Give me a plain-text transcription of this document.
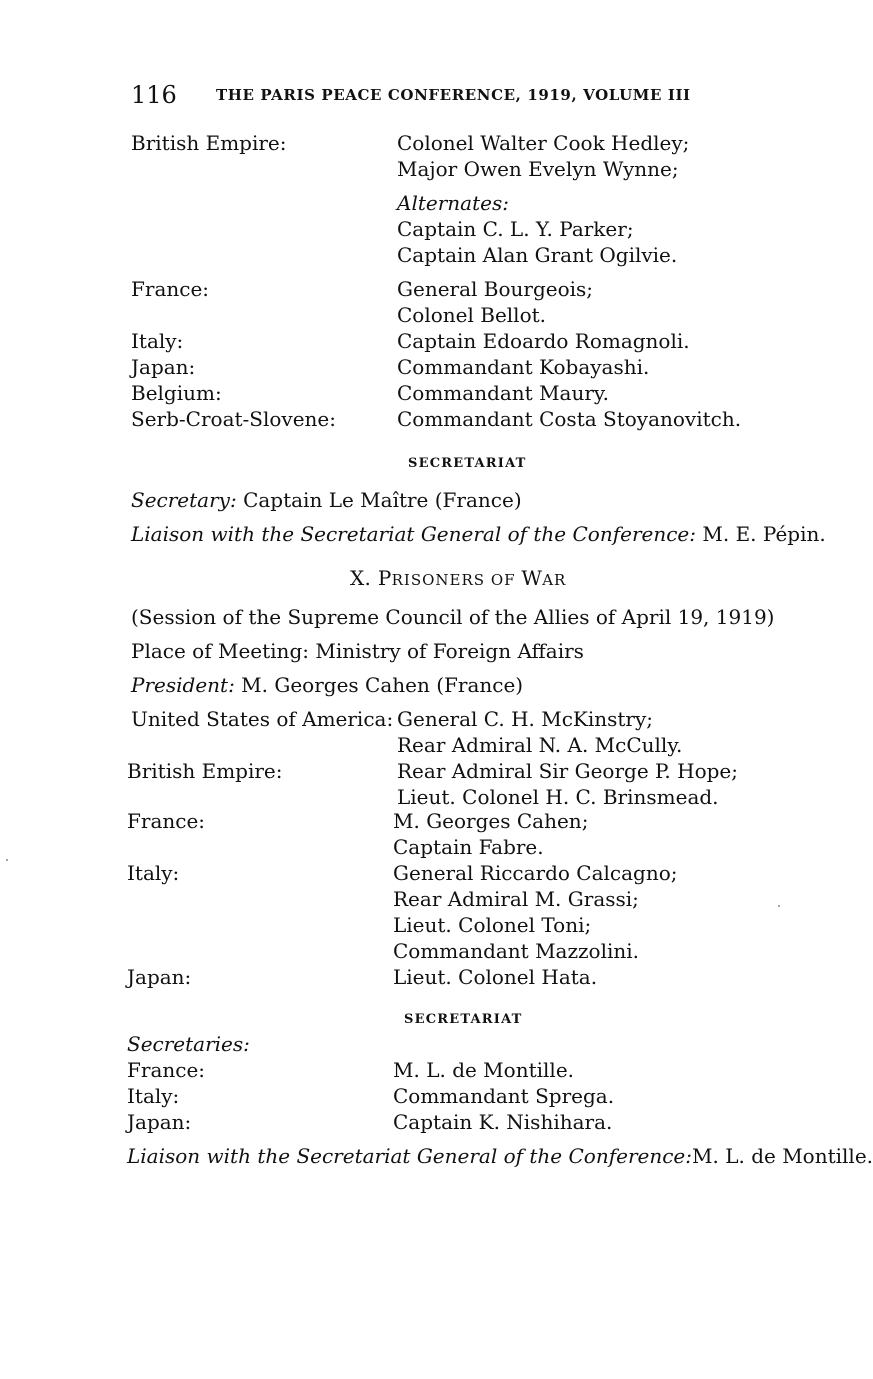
116	THE PARIS PEACE CONFERENCE, 1919, VOLUME III
British Empire:	Colonel Walter Cook Hedley;
Major Owen Evelyn Wynne;
Alternates:
Captain C. L. Y. Parker;
Captain Alan Grant Ogilvie.
France:	General Bourgeois;
Colonel Bellot.
Italy:	Captain Edoardo Romagnoli.
Japan:	Commandant Kobayashi.
Belgium:	Commandant Maury.
Serb-Croat-Slovene:	Commandant Costa Stoyanovitch.
SECRETARIAT
Secretary: Captain Le Maître (France)
Liaison with the Secretariat General of the Conference: M. E. Pépin.
X. PRISONERS OF WAR
(Session of the Supreme Council of the Allies of April 19, 1919)
Place of Meeting: Ministry of Foreign Affairs
President: M. Georges Cahen (France)
United States of America: General C. H. McKinstry;
Rear Admiral N. A. McCully.
British Empire:	Rear Admiral Sir George P. Hope;
Lieut. Colonel H. C. Brinsmead.
France:	M. Georges Cahen;
Captain Fabre.
Italy:	General Riccardo Calcagno;
Rear Admiral M. Grassi;
Lieut. Colonel Toni;
Commandant Mazzolini.
Japan:	Lieut. Colonel Hata.
SECRETARIAT
Secretaries:
France:	M. L. de Montille.
Italy:	Commandant Sprega.
Japan:	Captain K. Nishihara.
Liaison with the Secretariat General of the Conference:M. L. de Montille.
